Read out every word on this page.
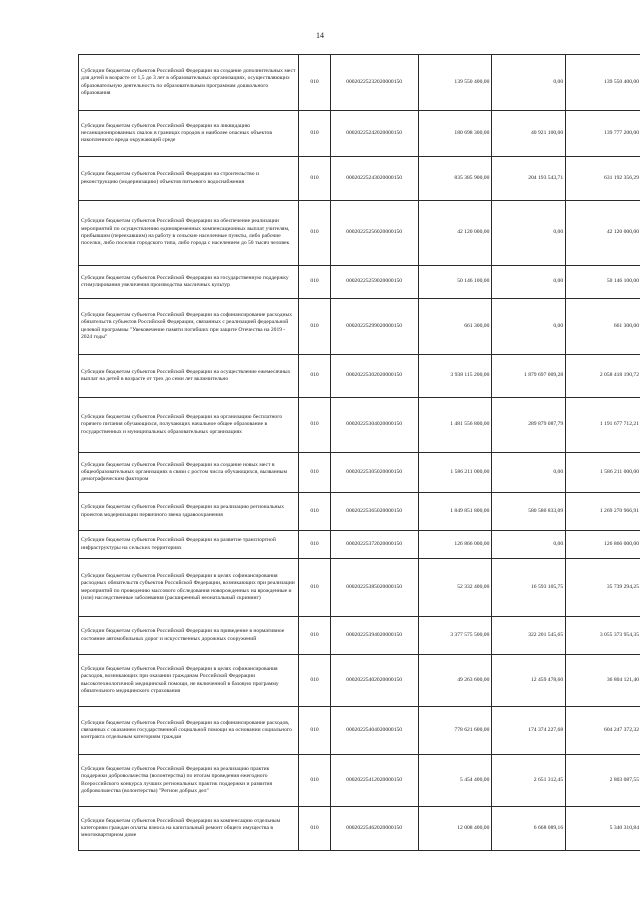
14
Субсидии бюджетам субъектов Российской Федерации на создание дополнительных мест для детей в возрасте от 1,5 до 3 лет в образовательных организациях, осуществляющих образовательную деятельность по образовательным программам дошкольного образования	010	00020225232020000150	139 550 400,00	0,00	139 550 400,00
Субсидии бюджетам субъектов Российской Федерации на ликвидацию несанкционированных свалок в границах городов и наиболее опасных объектов накопленного вреда окружающей среде	010	00020225242020000150	180 698 300,00	40 921 100,00	139 777 200,00
Субсидии бюджетам субъектов Российской Федерации на строительство и реконструкцию (модернизацию) объектов питьевого водоснабжения	010	00020225243020000150	835 385 900,00	204 193 543,71	631 192 356,29
Субсидии бюджетам субъектов Российской Федерации на обеспечение реализации мероприятий по осуществлению единовременных компенсационных выплат учителям, прибывшим (переехавшим) на работу в сельские населенные пункты, либо рабочие поселки, либо поселки городского типа, либо города с населением до 50 тысяч человек	010	00020225256020000150	42 120 000,00	0,00	42 120 000,00
Субсидии бюджетам субъектов Российской Федерации на государственную поддержку стимулирования увеличения производства масличных культур	010	00020225259020000150	50 146 100,00	0,00	50 146 100,00
Субсидии бюджетам субъектов Российской Федерации на софинансирование расходных обязательств субъектов Российской Федерации, связанных с реализацией федеральной целевой программы "Увековечение памяти погибших при защите Отечества на 2019 - 2024 годы"	010	00020225299020000150	661 300,00	0,00	661 300,00
Субсидии бюджетам субъектов Российской Федерации на осуществление ежемесячных выплат на детей в возрасте от трех до семи лет включительно	010	00020225302020000150	3 938 115 200,00	1 879 697 009,28	2 058 418 190,72
Субсидии бюджетам субъектов Российской Федерации на организацию бесплатного горячего питания обучающихся, получающих начальное общее образование в государственных и муниципальных образовательных организациях	010	00020225304020000150	1 481 556 800,00	289 879 087,79	1 191 677 712,21
Субсидии бюджетам субъектов Российской Федерации на создание новых мест в общеобразовательных организациях в связи с ростом числа обучающихся, вызванным демографическим фактором	010	00020225305020000150	1 586 211 000,00	0,00	1 586 211 000,00
Субсидии бюджетам субъектов Российской Федерации на реализацию региональных проектов модернизации первичного звена здравоохранения	010	00020225365020000150	1 849 851 800,00	580 580 833,09	1 269 270 966,91
Субсидии бюджетам субъектов Российской Федерации на развитие транспортной инфраструктуры на сельских территориях	010	00020225372020000150	126 866 000,00	0,00	126 866 000,00
Субсидии бюджетам субъектов Российской Федерации в целях софинансирования расходных обязательств субъектов Российской Федерации, возникающих при реализации мероприятий по проведению массового обследования новорожденных на врожденные и (или) наследственные заболевания (расширенный неонатальный скрининг)	010	00020225385020000150	52 332 400,00	16 593 105,75	35 739 294,25
Субсидии бюджетам субъектов Российской Федерации на приведение в нормативное состояние автомобильных дорог и искусственных дорожных сооружений	010	00020225394020000150	3 377 575 500,00	322 201 545,65	3 055 373 954,35
Субсидии бюджетам субъектов Российской Федерации в целях софинансирования расходов, возникающих при оказании гражданам Российской Федерации высокотехнологичной медицинской помощи, не включенной в базовую программу обязательного медицинского страхования	010	00020225402020000150	49 263 600,00	12 459 478,60	36 804 121,40
Субсидии бюджетам субъектов Российской Федерации на софинансирование расходов, связанных с оказанием государственной социальной помощи на основании социального контракта отдельным категориям граждан	010	00020225404020000150	778 621 600,00	174 374 227,68	604 247 372,32
Субсидии бюджетам субъектов Российской Федерации на реализацию практик поддержки добровольчества (волонтерства) по итогам проведения ежегодного Всероссийского конкурса лучших региональных практик поддержки и развития добровольчества (волонтерства) "Регион добрых дел"	010	00020225412020000150	5 454 400,00	2 651 312,45	2 803 087,55
Субсидии бюджетам субъектов Российской Федерации на компенсацию отдельным категориям граждан оплаты взноса на капитальный ремонт общего имущества в многоквартирном доме	010	00020225462020000150	12 008 400,00	6 668 089,16	5 340 310,84
